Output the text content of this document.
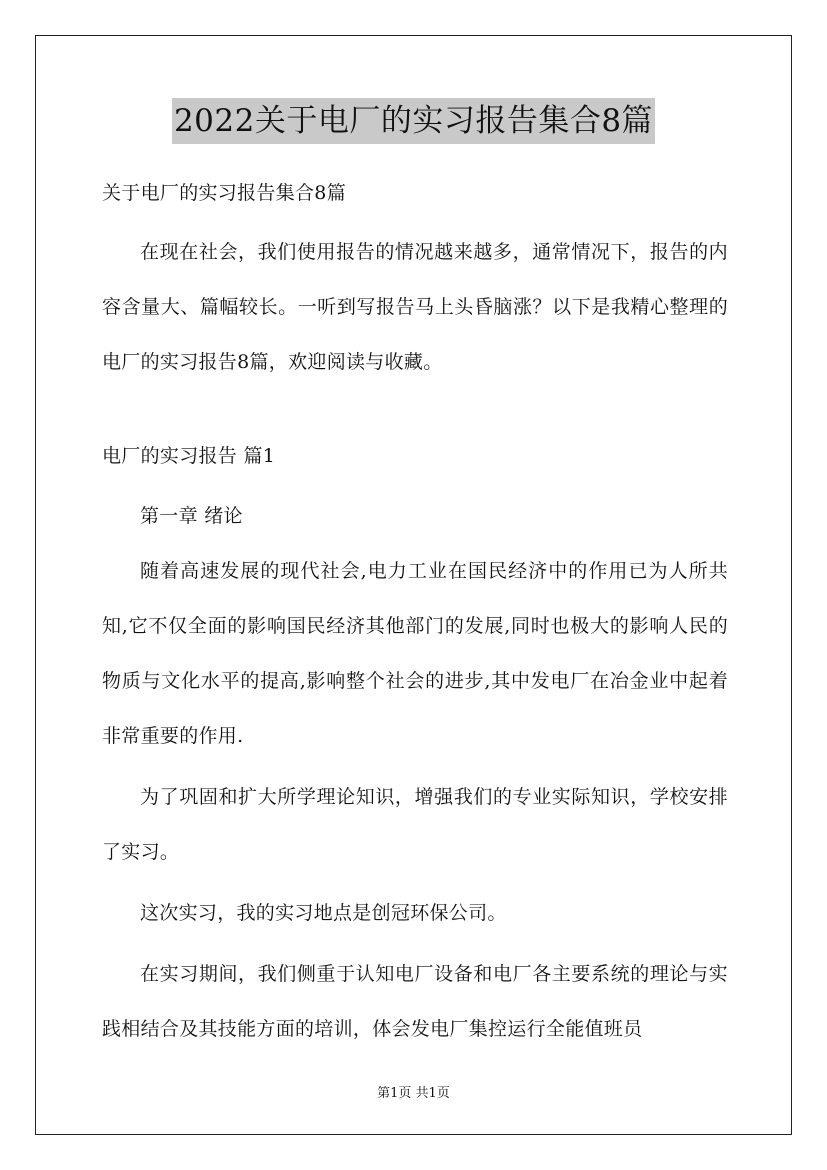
2022关于电厂的实习报告集合8篇
关于电厂的实习报告集合8篇

在现在社会，我们使用报告的情况越来越多，通常情况下，报告的内容含量大、篇幅较长。一听到写报告马上头昏脑涨？以下是我精心整理的电厂的实习报告8篇，欢迎阅读与收藏。

电厂的实习报告 篇1
第一章 绪论

随着高速发展的现代社会,电力工业在国民经济中的作用已为人所共知,它不仅全面的影响国民经济其他部门的发展,同时也极大的影响人民的物质与文化水平的提高,影响整个社会的进步,其中发电厂在冶金业中起着非常重要的作用.

为了巩固和扩大所学理论知识，增强我们的专业实际知识，学校安排了实习。

这次实习，我的实习地点是创冠环保公司。

在实习期间，我们侧重于认知电厂设备和电厂各主要系统的理论与实践相结合及其技能方面的培训，体会发电厂集控运行全能值班员

第1页 共1页
